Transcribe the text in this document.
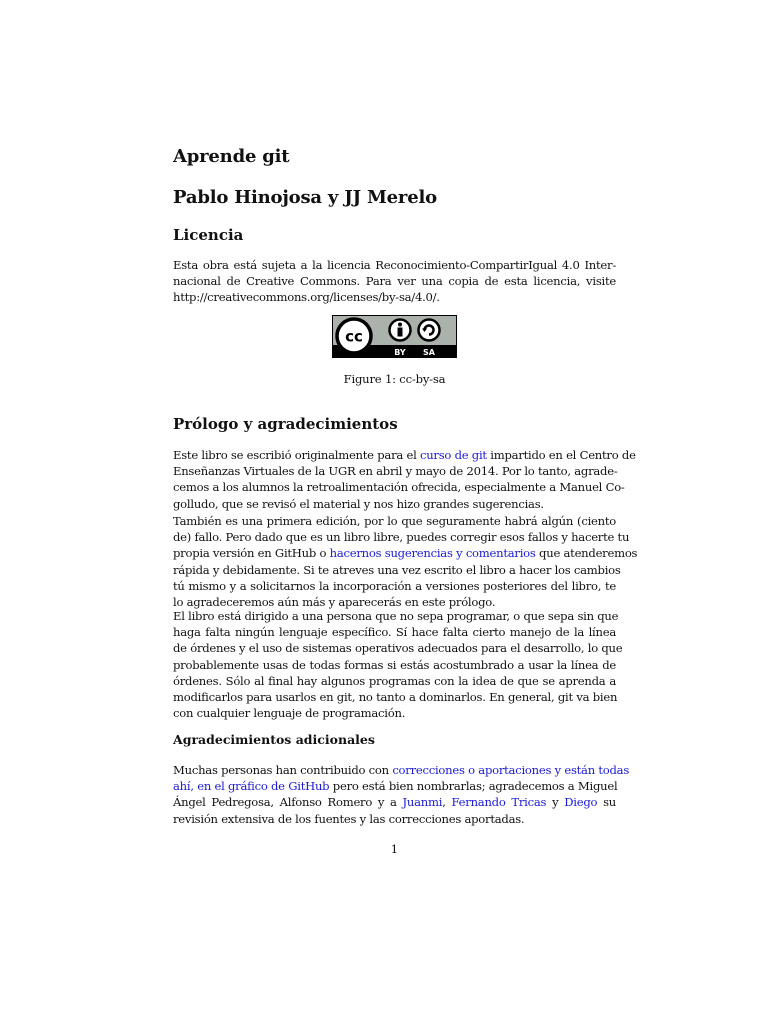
Aprende git
Pablo Hinojosa y JJ Merelo
Licencia

Esta obra está sujeta a la licencia Reconocimiento-CompartirIgual 4.0 Inter-
nacional de Creative Commons. Para ver una copia de esta licencia, visite
http://creativecommons.org/licenses/by-sa/4.0/.

cc
BY SA

Figure 1: cc-by-sa

Prólogo y agradecimientos

Este libro se escribió originalmente para el curso de git impartido en el Centro de
Enseñanzas Virtuales de la UGR en abril y mayo de 2014. Por lo tanto, agrade-
cemos a los alumnos la retroalimentación ofrecida, especialmente a Manuel Co-
golludo, que se revisó el material y nos hizo grandes sugerencias.

También es una primera edición, por lo que seguramente habrá algún (ciento
de) fallo. Pero dado que es un libro libre, puedes corregir esos fallos y hacerte tu
propia versión en GitHub o hacernos sugerencias y comentarios que atenderemos
rápida y debidamente. Si te atreves una vez escrito el libro a hacer los cambios
tú mismo y a solicitarnos la incorporación a versiones posteriores del libro, te
lo agradeceremos aún más y aparecerás en este prólogo.

El libro está dirigido a una persona que no sepa programar, o que sepa sin que
haga falta ningún lenguaje específico. Sí hace falta cierto manejo de la línea
de órdenes y el uso de sistemas operativos adecuados para el desarrollo, lo que
probablemente usas de todas formas si estás acostumbrado a usar la línea de
órdenes. Sólo al final hay algunos programas con la idea de que se aprenda a
modificarlos para usarlos en git, no tanto a dominarlos. En general, git va bien
con cualquier lenguaje de programación.

Agradecimientos adicionales

Muchas personas han contribuido con correcciones o aportaciones y están todas
ahí, en el gráfico de GitHub pero está bien nombrarlas; agradecemos a Miguel
Ángel Pedregosa, Alfonso Romero y a Juanmi, Fernando Tricas y Diego su
revisión extensiva de los fuentes y las correcciones aportadas.

1
